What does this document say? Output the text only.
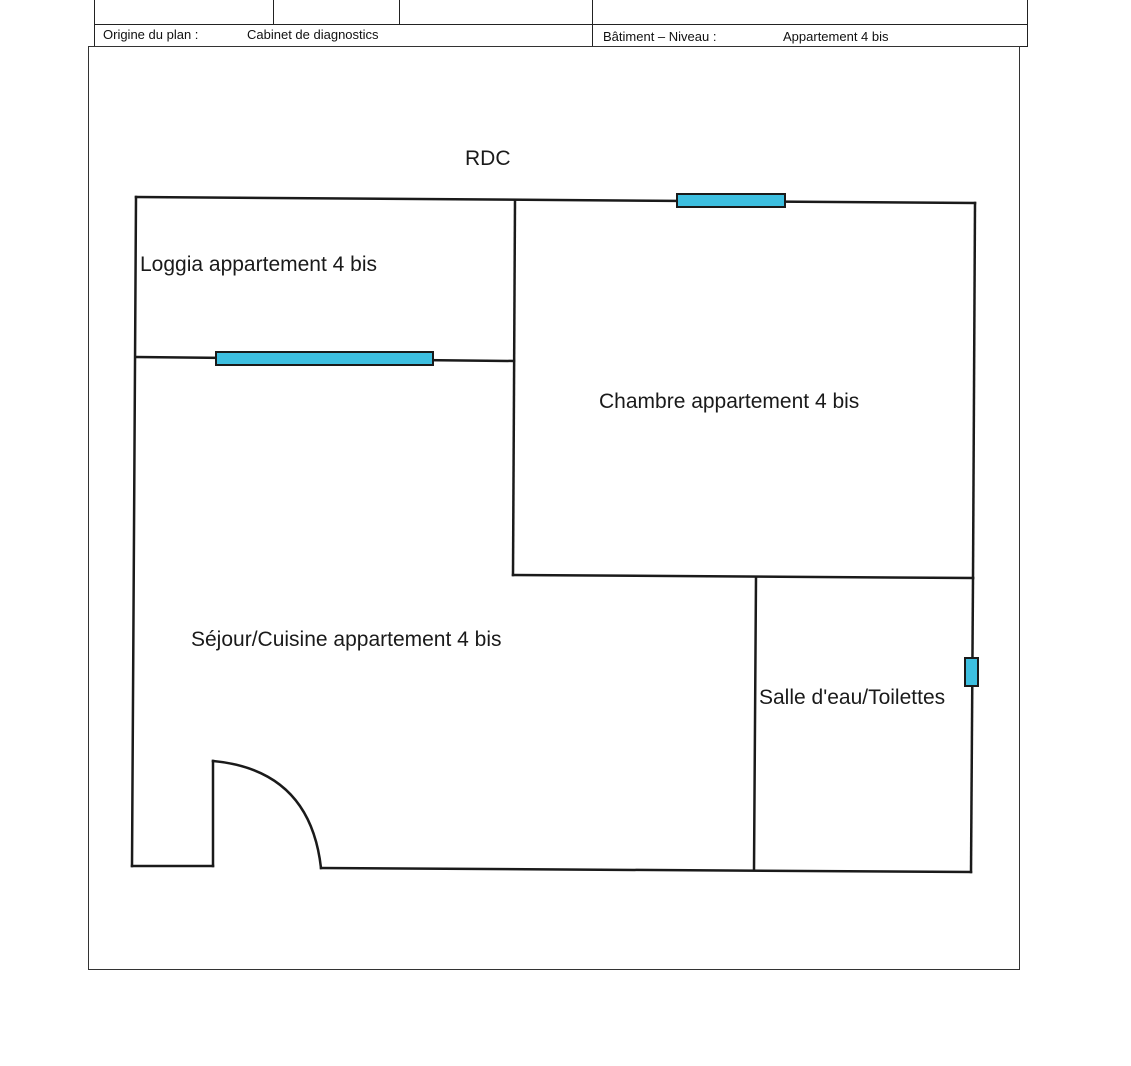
Origine du plan :	Cabinet de diagnostics	Bâtiment – Niveau :	Appartement 4 bis
RDC
Loggia appartement 4 bis
Chambre appartement 4 bis
Séjour/Cuisine appartement 4 bis
Salle d'eau/Toilettes
